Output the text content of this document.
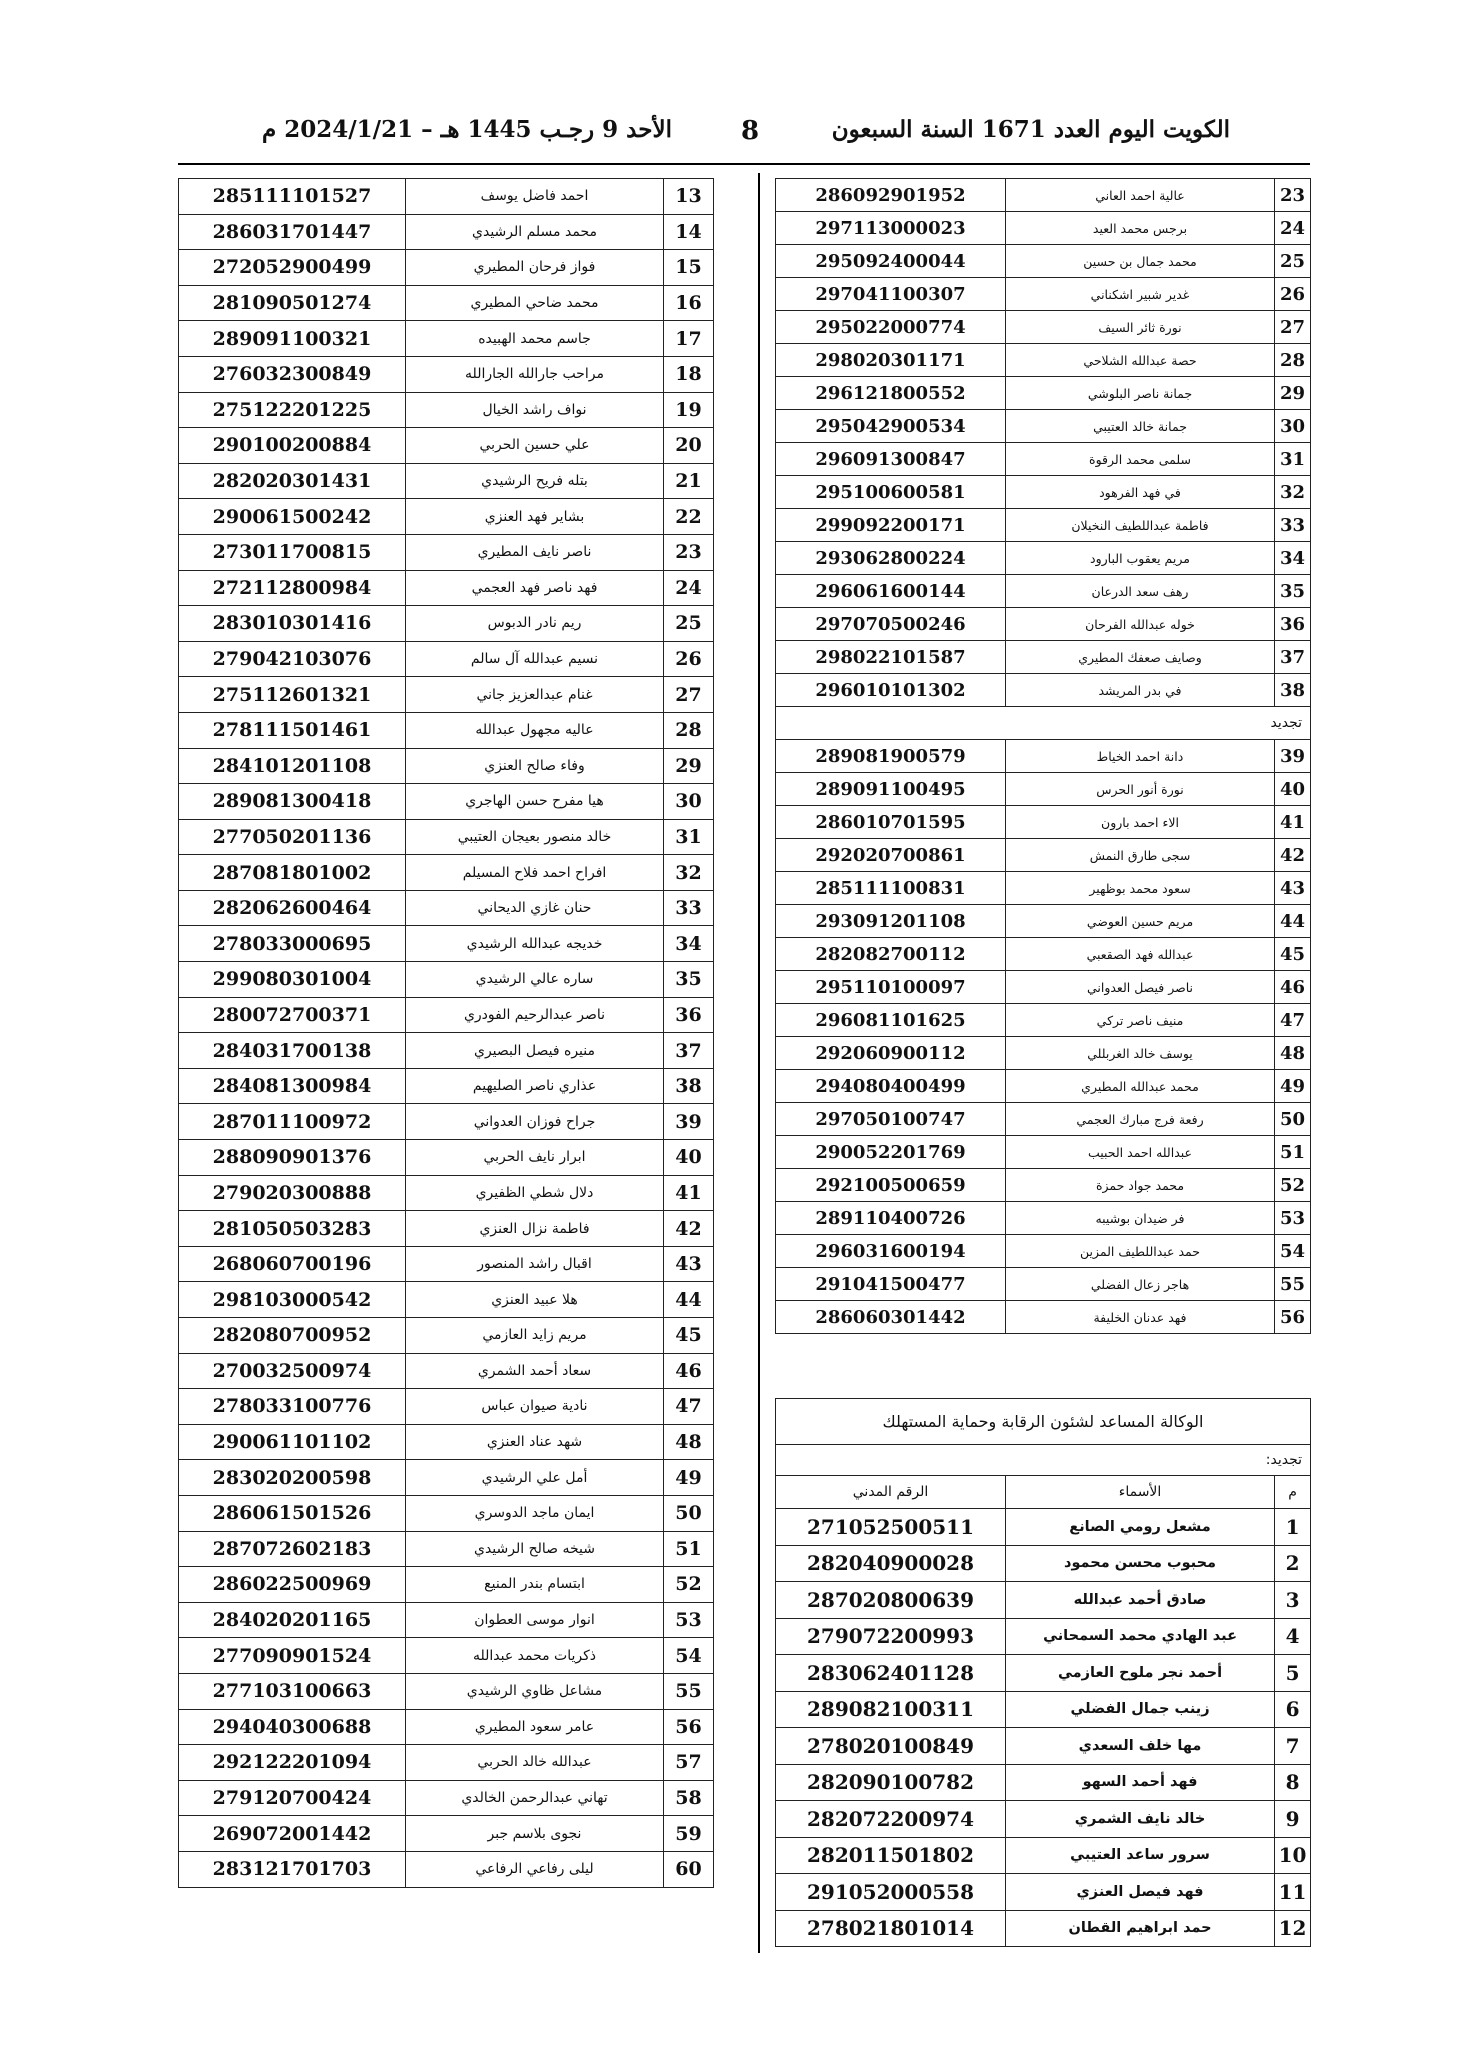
الكويت اليوم العدد 1671 السنة السبعون
8
الأحد 9 رجـب 1445 هـ – 2024/1/21 م
13	احمد فاضل يوسف	285111101527
14	محمد مسلم الرشيدي	286031701447
15	فواز فرحان المطيري	272052900499
16	محمد ضاحي المطيري	281090501274
17	جاسم محمد الهبيده	289091100321
18	مراحب جارالله الجارالله	276032300849
19	نواف راشد الخيال	275122201225
20	علي حسين الحربي	290100200884
21	بتله فريح الرشيدي	282020301431
22	بشاير فهد العنزي	290061500242
23	ناصر نايف المطيري	273011700815
24	فهد ناصر فهد العجمي	272112800984
25	ريم نادر الدبوس	283010301416
26	نسيم عبدالله آل سالم	279042103076
27	غنام عبدالعزيز جاني	275112601321
28	عاليه مجهول عبدالله	278111501461
29	وفاء صالح العنزي	284101201108
30	هيا مفرح حسن الهاجري	289081300418
31	خالد منصور بعيجان العتيبي	277050201136
32	افراح احمد فلاح المسيلم	287081801002
33	حنان غازي الديحاني	282062600464
34	خديجه عبدالله الرشيدي	278033000695
35	ساره عالي الرشيدي	299080301004
36	ناصر عبدالرحيم الفودري	280072700371
37	منيره فيصل البصيري	284031700138
38	عذاري ناصر الصليهيم	284081300984
39	جراح فوزان العدواني	287011100972
40	ابرار نايف الحربي	288090901376
41	دلال شطي الظفيري	279020300888
42	فاطمة نزال العنزي	281050503283
43	اقبال راشد المنصور	268060700196
44	هلا عبيد العنزي	298103000542
45	مريم زايد العازمي	282080700952
46	سعاد أحمد الشمري	270032500974
47	نادية صيوان عباس	278033100776
48	شهد عناد العنزي	290061101102
49	أمل علي الرشيدي	283020200598
50	ايمان ماجد الدوسري	286061501526
51	شيخه صالح الرشيدي	287072602183
52	ابتسام بندر المنيع	286022500969
53	انوار موسى العطوان	284020201165
54	ذكريات محمد عبدالله	277090901524
55	مشاعل ظاوي الرشيدي	277103100663
56	عامر سعود المطيري	294040300688
57	عبدالله خالد الحربي	292122201094
58	تهاني عبدالرحمن الخالدي	279120700424
59	نجوى بلاسم جبر	269072001442
60	ليلى رفاعي الرفاعي	283121701703
23	عالية احمد العاني	286092901952
24	برجس محمد العيد	297113000023
25	محمد جمال بن حسين	295092400044
26	غدير شبير اشكناني	297041100307
27	نورة ثائر السيف	295022000774
28	حصة عبدالله الشلاحي	298020301171
29	جمانة ناصر البلوشي	296121800552
30	جمانة خالد العتيبي	295042900534
31	سلمى محمد الرقوة	296091300847
32	في فهد الفرهود	295100600581
33	فاطمة عبداللطيف النخيلان	299092200171
34	مريم يعقوب البارود	293062800224
35	رهف سعد الدرعان	296061600144
36	خوله عبدالله الفرحان	297070500246
37	وصايف صعفك المطيري	298022101587
38	في بدر المريشد	296010101302
تجديد		
39	دانة احمد الخياط	289081900579
40	نورة أنور الحرس	289091100495
41	الاء احمد بارون	286010701595
42	سجى طارق النمش	292020700861
43	سعود محمد بوظهير	285111100831
44	مريم حسين العوضي	293091201108
45	عبدالله فهد الصقعبي	282082700112
46	ناصر فيصل العدواني	295110100097
47	منيف ناصر تركي	296081101625
48	يوسف خالد الغربللي	292060900112
49	محمد عبدالله المطيري	294080400499
50	رفعة فرج مبارك العجمي	297050100747
51	عبدالله احمد الحبيب	290052201769
52	محمد جواد حمزة	292100500659
53	فر ضيدان بوشيبه	289110400726
54	حمد عبداللطيف المزين	296031600194
55	هاجر زعال الفضلي	291041500477
56	فهد عدنان الخليفة	286060301442
الوكالة المساعد لشئون الرقابة وحماية المستهلك		
تجديد:		
م	الأسماء	الرقم المدني
1	مشعل رومي الصانع	271052500511
2	محبوب محسن محمود	282040900028
3	صادق أحمد عبدالله	287020800639
4	عبد الهادي محمد السمحاني	279072200993
5	أحمد نجر ملوح العازمي	283062401128
6	زينب جمال الفضلي	289082100311
7	مها خلف السعدي	278020100849
8	فهد أحمد السهو	282090100782
9	خالد نايف الشمري	282072200974
10	سرور ساعد العتيبي	282011501802
11	فهد فيصل العنزي	291052000558
12	حمد ابراهيم القطان	278021801014
